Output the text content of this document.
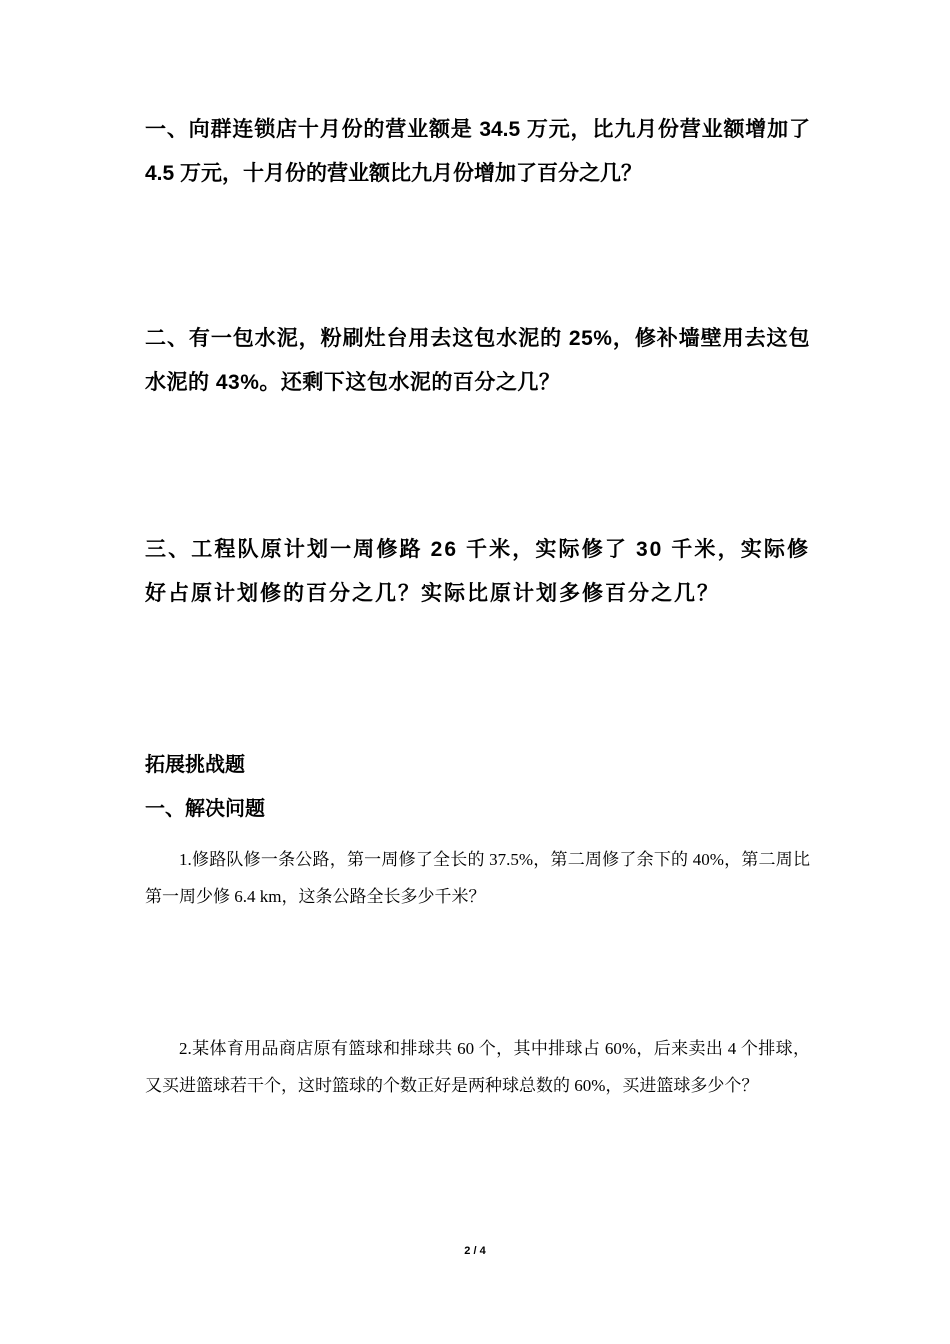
一、向群连锁店十月份的营业额是 34.5 万元，比九月份营业额增加了 4.5 万元，十月份的营业额比九月份增加了百分之几？

二、有一包水泥，粉刷灶台用去这包水泥的 25%，修补墙壁用去这包水泥的 43%。还剩下这包水泥的百分之几？

三、工程队原计划一周修路 26 千米，实际修了 30 千米，实际修好占原计划修的百分之几？实际比原计划多修百分之几？

拓展挑战题
一、解决问题

1.修路队修一条公路，第一周修了全长的 37.5%，第二周修了余下的 40%，第二周比第一周少修 6.4 km，这条公路全长多少千米？

2.某体育用品商店原有篮球和排球共 60 个，其中排球占 60%，后来卖出 4 个排球，又买进篮球若干个，这时篮球的个数正好是两种球总数的 60%，买进篮球多少个？

2 / 4
